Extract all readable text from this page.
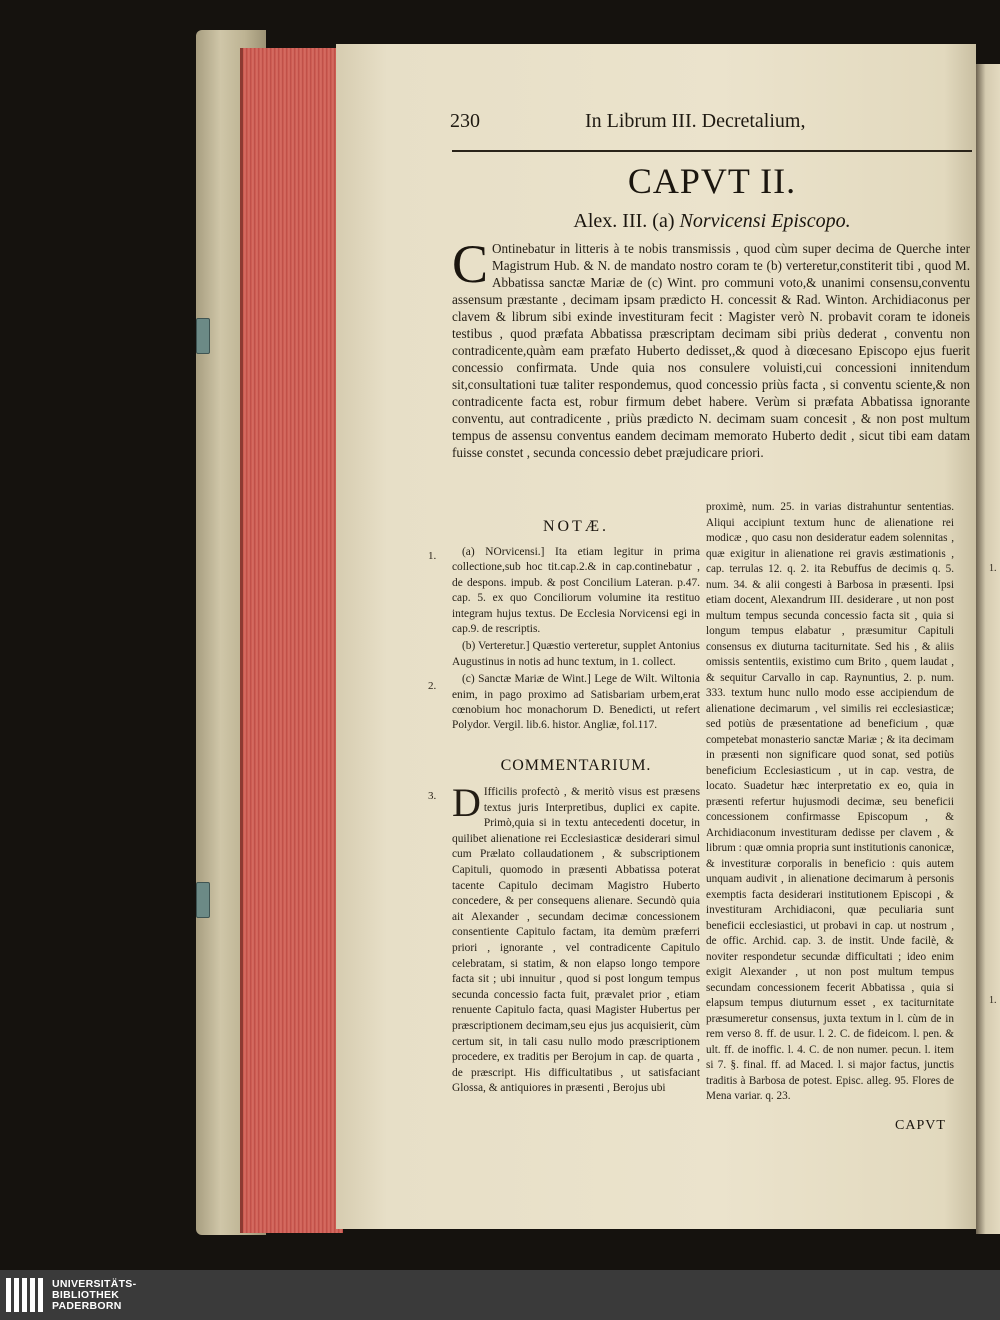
1.
1.
230	In Librum III. Decretalium,
CAPVT II.
Alex. III. (a) Norvicensi Episcopo.
C Ontinebatur in litteris à te nobis transmissis , quod cùm super decima de Querche inter Magistrum Hub. & N. de mandato nostro coram te (b) verteretur,constiterit tibi , quod M. Abbatissa sanctæ Mariæ de (c) Wint. pro communi voto,& unanimi consensu,conventu assensum præstante , decimam ipsam prædicto H. concessit & Rad. Winton. Archidiaconus per clavem & librum sibi exinde investituram fecit : Magister verò N. probavit coram te idoneis testibus , quod præfata Abbatissa præscriptam decimam sibi priùs dederat , conventu non contradicente,quàm eam præfato Huberto dedisset,,& quod à diœcesano Episcopo ejus fuerit concessio confirmata. Unde quia nos consulere voluisti,cui concessioni innitendum sit,consultationi tuæ taliter respondemus, quod concessio priùs facta , si conventu sciente,& non contradicente facta est, robur firmum debet habere. Verùm si præfata Abbatissa ignorante conventu, aut contradicente , priùs prædicto N. decimam suam concesit , & non post multum tempus de assensu conventus eandem decimam memorato Huberto dedit , sicut tibi eam datam fuisse constet , secunda concessio debet præjudicare priori.
NOTÆ.
1.
2.
3.

(a) NOrvicensi.] Ita etiam legitur in prima collectione,sub hoc tit.cap.2.& in cap.continebatur , de despons. impub. & post Concilium Lateran. p.47. cap. 5. ex quo Conciliorum volumine ita restituo integram hujus textus. De Ecclesia Norvicensi egi in cap.9. de rescriptis.

(b) Verteretur.] Quæstio verteretur, supplet Antonius Augustinus in notis ad hunc textum, in 1. collect.

(c) Sanctæ Mariæ de Wint.] Lege de Wilt. Wiltonia enim, in pago proximo ad Satisbariam urbem,erat cœnobium hoc monachorum D. Benedicti, ut refert Polydor. Vergil. lib.6. histor. Angliæ, fol.117.

COMMENTARIUM.
D Ifficilis profectò , & meritò visus est præsens textus juris Interpretibus, duplici ex capite. Primò,quia si in textu antecedenti docetur, in quilibet alienatione rei Ecclesiasticæ desiderari simul cum Prælato collaudationem , & subscriptionem Capituli, quomodo in præsenti Abbatissa poterat tacente Capitulo decimam Magistro Huberto concedere, & per consequens alienare. Secundò quia ait Alexander , secundam decimæ concessionem consentiente Capitulo factam, ita demùm præferri priori , ignorante , vel contradicente Capitulo celebratam, si statim, & non elapso longo tempore facta sit ; ubi innuitur , quod si post longum tempus secunda concessio facta fuit, prævalet prior , etiam renuente Capitulo facta, quasi Magister Hubertus per præscriptionem decimam,seu ejus jus acquisierit, cùm certum sit, in tali casu nullo modo præscriptionem procedere, ex traditis per Berojum in cap. de quarta , de præscript. His difficultatibus , ut satisfaciant Glossa, & antiquiores in præsenti , Berojus ubi
proximè, num. 25. in varias distrahuntur sententias. Aliqui accipiunt textum hunc de alienatione rei modicæ , quo casu non desideratur eadem solennitas , quæ exigitur in alienatione rei gravis æstimationis , cap. terrulas 12. q. 2. ita Rebuffus de decimis q. 5. num. 34. & alii congesti à Barbosa in præsenti. Ipsi etiam docent, Alexandrum III. desiderare , ut non post multum tempus secunda concessio facta sit , quia si longum tempus elabatur , præsumitur Capituli consensus ex diuturna taciturnitate. Sed his , & aliis omissis sententiis, existimo cum Brito , quem laudat , & sequitur Carvallo in cap. Raynuntius, 2. p. num. 333. textum hunc nullo modo esse accipiendum de alienatione decimarum , vel similis rei ecclesiasticæ; sed potiùs de præsentatione ad beneficium , quæ competebat monasterio sanctæ Mariæ ; & ita decimam in præsenti non significare quod sonat, sed potiùs beneficium Ecclesiasticum , ut in cap. vestra, de locato. Suadetur hæc interpretatio ex eo, quia in præsenti refertur hujusmodi decimæ, seu beneficii concessionem confirmasse Episcopum , & Archidiaconum investituram dedisse per clavem , & librum : quæ omnia propria sunt institutionis canonicæ, & investituræ corporalis in beneficio : quis autem unquam audivit , in alienatione decimarum à personis exemptis facta desiderari institutionem Episcopi , & investituram Archidiaconi, quæ peculiaria sunt beneficii ecclesiastici, ut probavi in cap. ut nostrum , de offic. Archid. cap. 3. de instit. Unde facilè, & noviter respondetur secundæ difficultati ; ideo enim exigit Alexander , ut non post multum tempus secundam concessionem fecerit Abbatissa , quia si elapsum tempus diuturnum esset , ex taciturnitate præsumeretur consensus, juxta textum in l. cùm de in rem verso 8. ff. de usur. l. 2. C. de fideicom. l. pen. & ult. ff. de inoffic. l. 4. C. de non numer. pecun. l. item si 7. §. final. ff. ad Maced. l. si major factus, junctis traditis à Barbosa de potest. Episc. alleg. 95. Flores de Mena variar. q. 23.
CAPVT
UNIVERSITÄTS-
BIBLIOTHEK
PADERBORN
